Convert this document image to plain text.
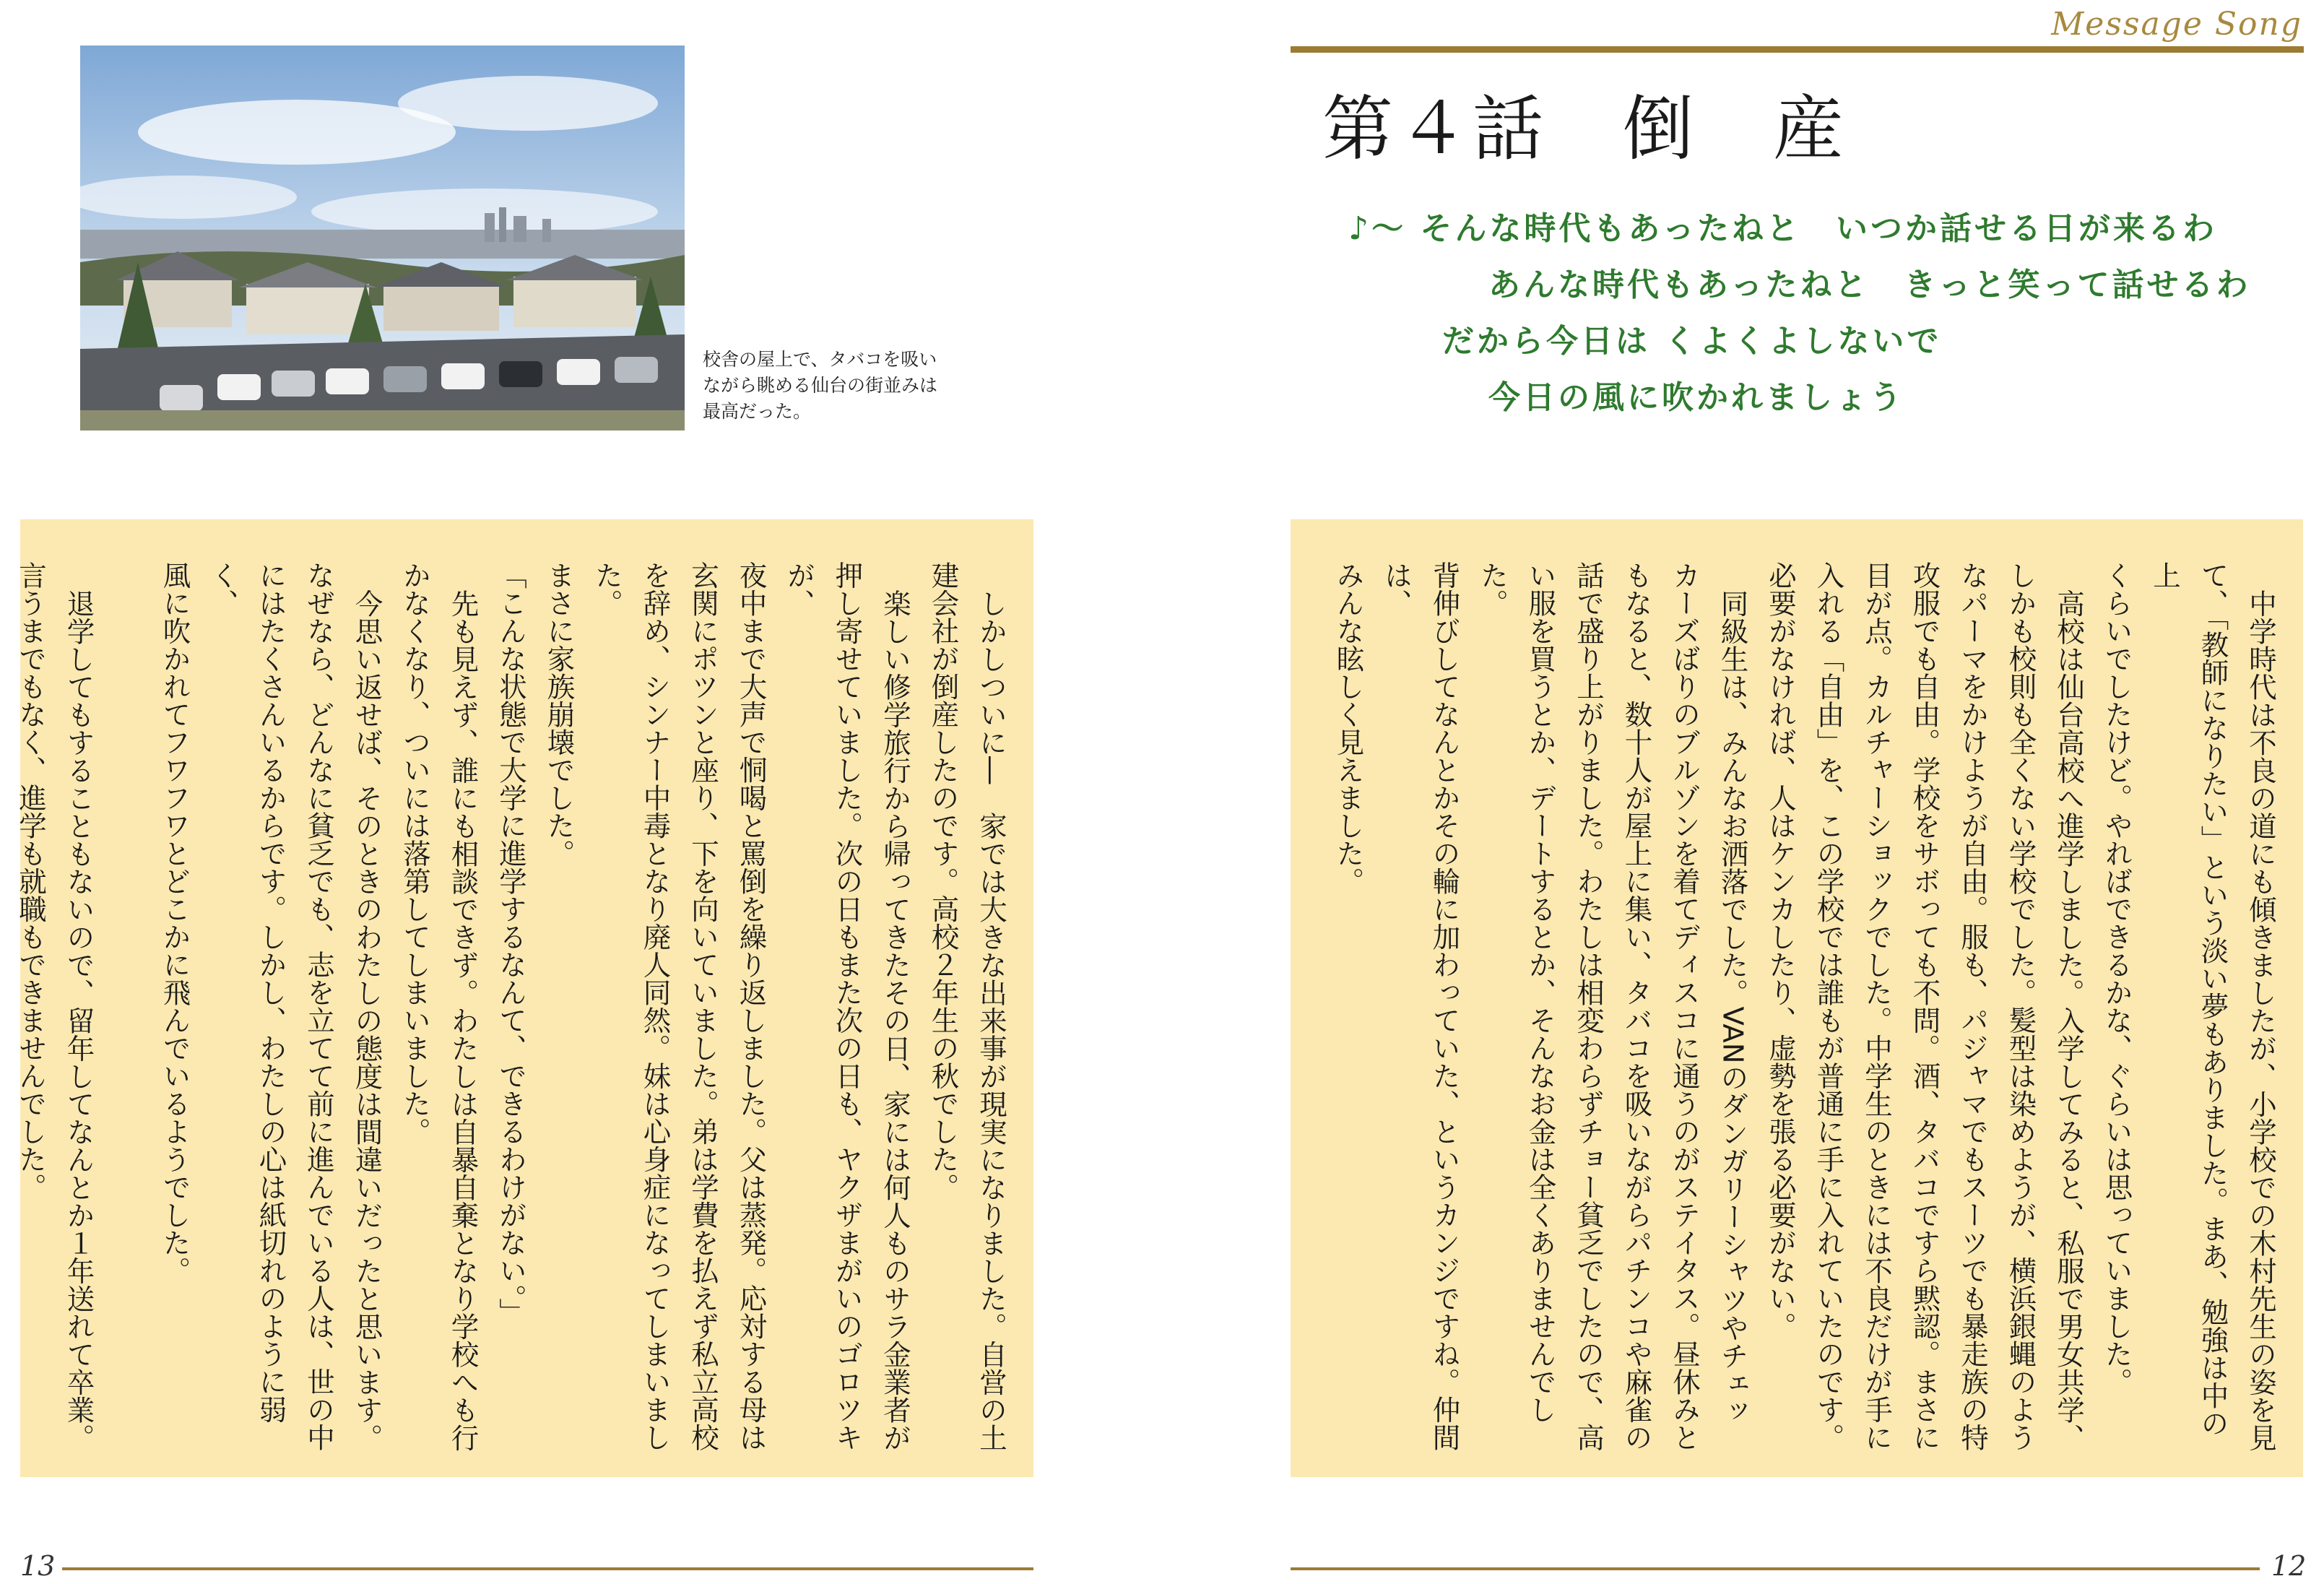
校舎の屋上で、タバコを吸い
ながら眺める仙台の街並みは
最高だった。

しかしついに―　家では大きな出来事が現実になりました。自営の土
建会社が倒産したのです。高校２年生の秋でした。

楽しい修学旅行から帰ってきたその日、家には何人ものサラ金業者が
押し寄せていました。次の日もまた次の日も、ヤクザまがいのゴロツキが、
夜中まで大声で恫喝と罵倒を繰り返しました。父は蒸発。応対する母は
玄関にポツンと座り、下を向いていました。弟は学費を払えず私立高校
を辞め、シンナー中毒となり廃人同然。妹は心身症になってしまいました。
まさに家族崩壊でした。

「こんな状態で大学に進学するなんて、できるわけがない。」
先も見えず、誰にも相談できず。わたしは自暴自棄となり学校へも行
かなくなり、ついには落第してしまいました。

今思い返せば、そのときのわたしの態度は間違いだったと思います。
なぜなら、どんなに貧乏でも、志を立てて前に進んでいる人は、世の中
にはたくさんいるからです。しかし、わたしの心は紙切れのように弱く、
風に吹かれてフワフワとどこかに飛んでいるようでした。

退学してもすることもないので、留年してなんとか１年送れて卒業。
言うまでもなく、進学も就職もできませんでした。

13
Message Song
第４話　倒　産
♪～ そんな時代もあったねと　いつか話せる日が来るわ
あんな時代もあったねと　きっと笑って話せるわ
だから今日は くよくよしないで
今日の風に吹かれましょう

中学時代は不良の道にも傾きましたが、小学校での木村先生の姿を見
て、「教師になりたい」という淡い夢もありました。まあ、勉強は中の上
くらいでしたけど。やればできるかな、ぐらいは思っていました。

高校は仙台高校へ進学しました。入学してみると、私服で男女共学、
しかも校則も全くない学校でした。髪型は染めようが、横浜銀蝿のよう
なパーマをかけようが自由。服も、パジャマでもスーツでも暴走族の特
攻服でも自由。学校をサボっても不問。酒、タバコですら黙認。まさに
目が点。カルチャーショックでした。中学生のときには不良だけが手に
入れる「自由」を、この学校では誰もが普通に手に入れていたのです。
必要がなければ、人はケンカしたり、虚勢を張る必要がない。

同級生は、みんなお洒落でした。VANのダンガリーシャツやチェッ
カーズばりのブルゾンを着てディスコに通うのがステイタス。昼休みと
もなると、数十人が屋上に集い、タバコを吸いながらパチンコや麻雀の
話で盛り上がりました。わたしは相変わらずチョー貧乏でしたので、高
い服を買うとか、デートするとか、そんなお金は全くありませんでした。
背伸びしてなんとかその輪に加わっていた、というカンジですね。仲間は、
みんな眩しく見えました。

12
